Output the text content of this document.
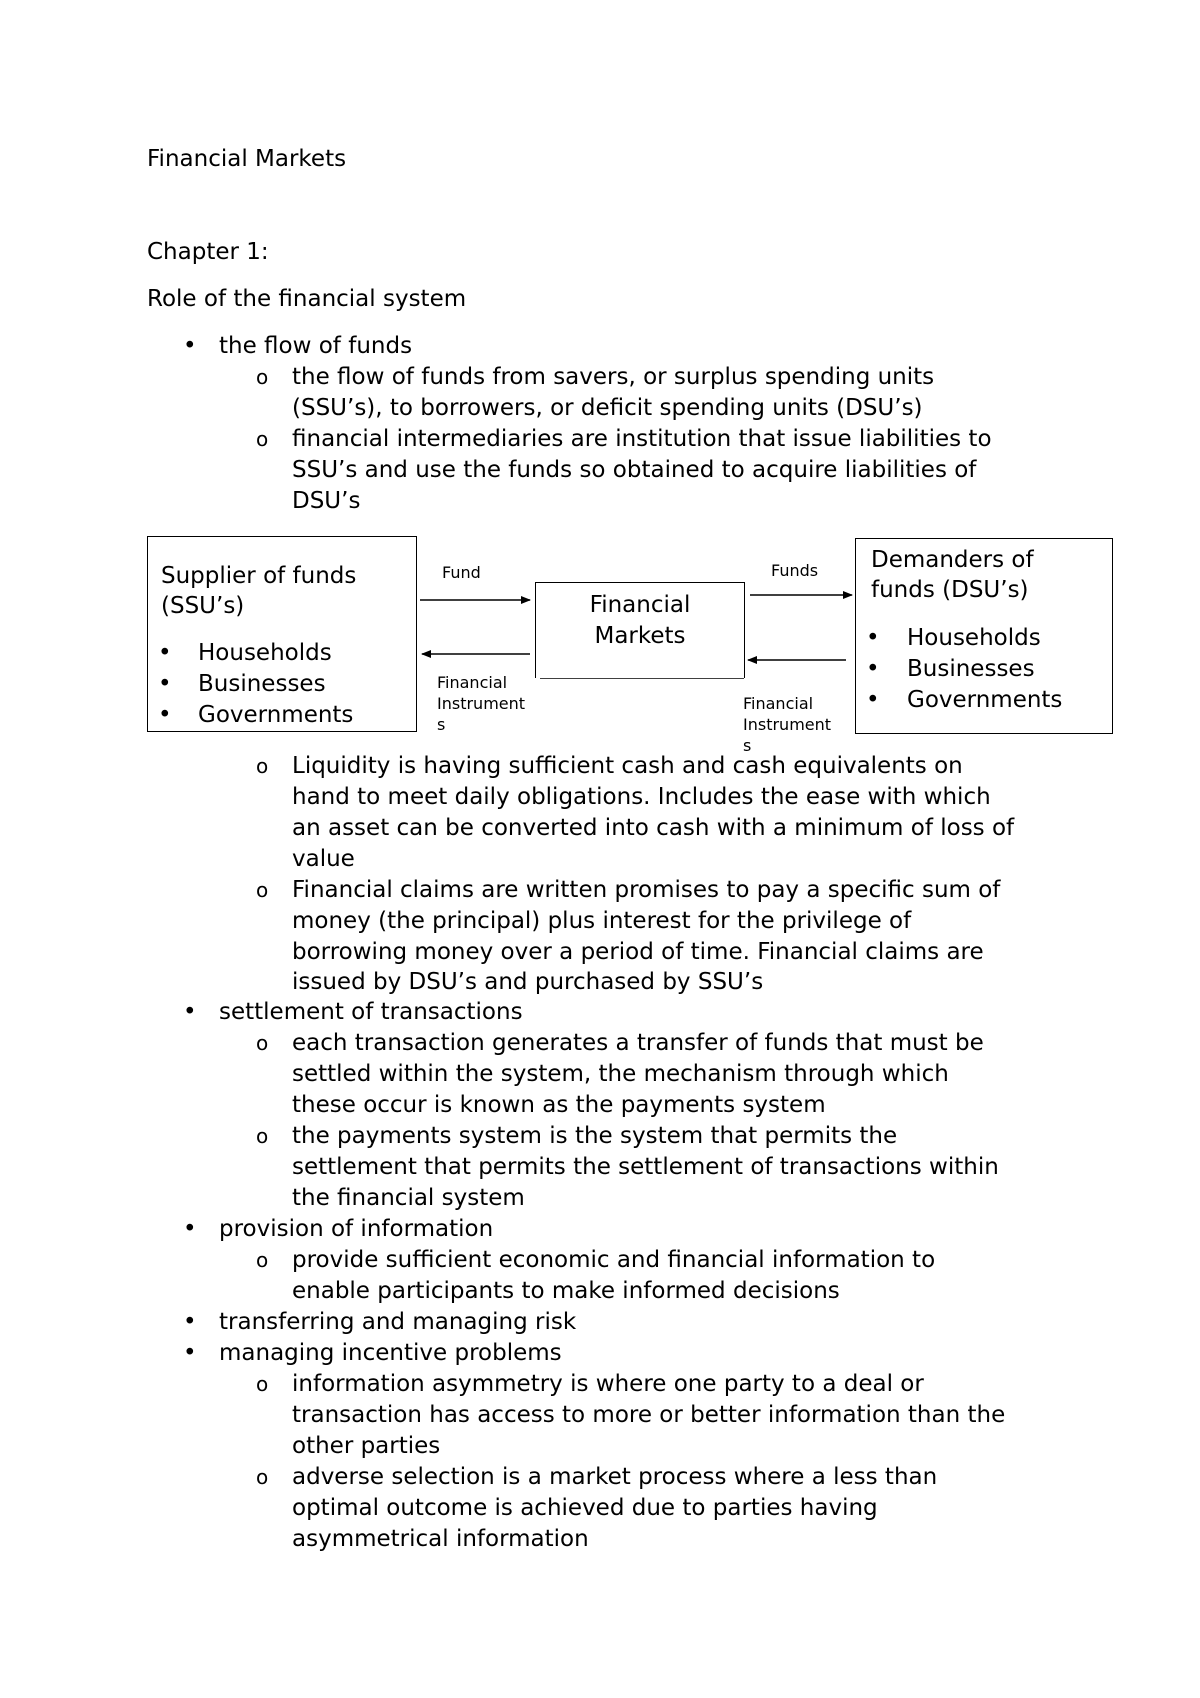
Financial Markets
Chapter 1:
Role of the financial system
• the flow of funds
o the flow of funds from savers, or surplus spending units
(SSU’s), to borrowers, or deficit spending units (DSU’s)
o financial intermediaries are institution that issue liabilities to
SSU’s and use the funds so obtained to acquire liabilities of
DSU’s
Supplier of funds
(SSU’s)
• Households
• Businesses
• Governments
Financial
Markets
Demanders of
funds (DSU’s)
• Households
• Businesses
• Governments
Fund	Funds
Financial
Instrument
s
Financial
Instrument
s
o Liquidity is having sufficient cash and cash equivalents on
hand to meet daily obligations. Includes the ease with which
an asset can be converted into cash with a minimum of loss of
value
o Financial claims are written promises to pay a specific sum of
money (the principal) plus interest for the privilege of
borrowing money over a period of time. Financial claims are
issued by DSU’s and purchased by SSU’s
• settlement of transactions
o each transaction generates a transfer of funds that must be
settled within the system, the mechanism through which
these occur is known as the payments system
o the payments system is the system that permits the
settlement that permits the settlement of transactions within
the financial system
• provision of information
o provide sufficient economic and financial information to
enable participants to make informed decisions
• transferring and managing risk
• managing incentive problems
o information asymmetry is where one party to a deal or
transaction has access to more or better information than the
other parties
o adverse selection is a market process where a less than
optimal outcome is achieved due to parties having
asymmetrical information
